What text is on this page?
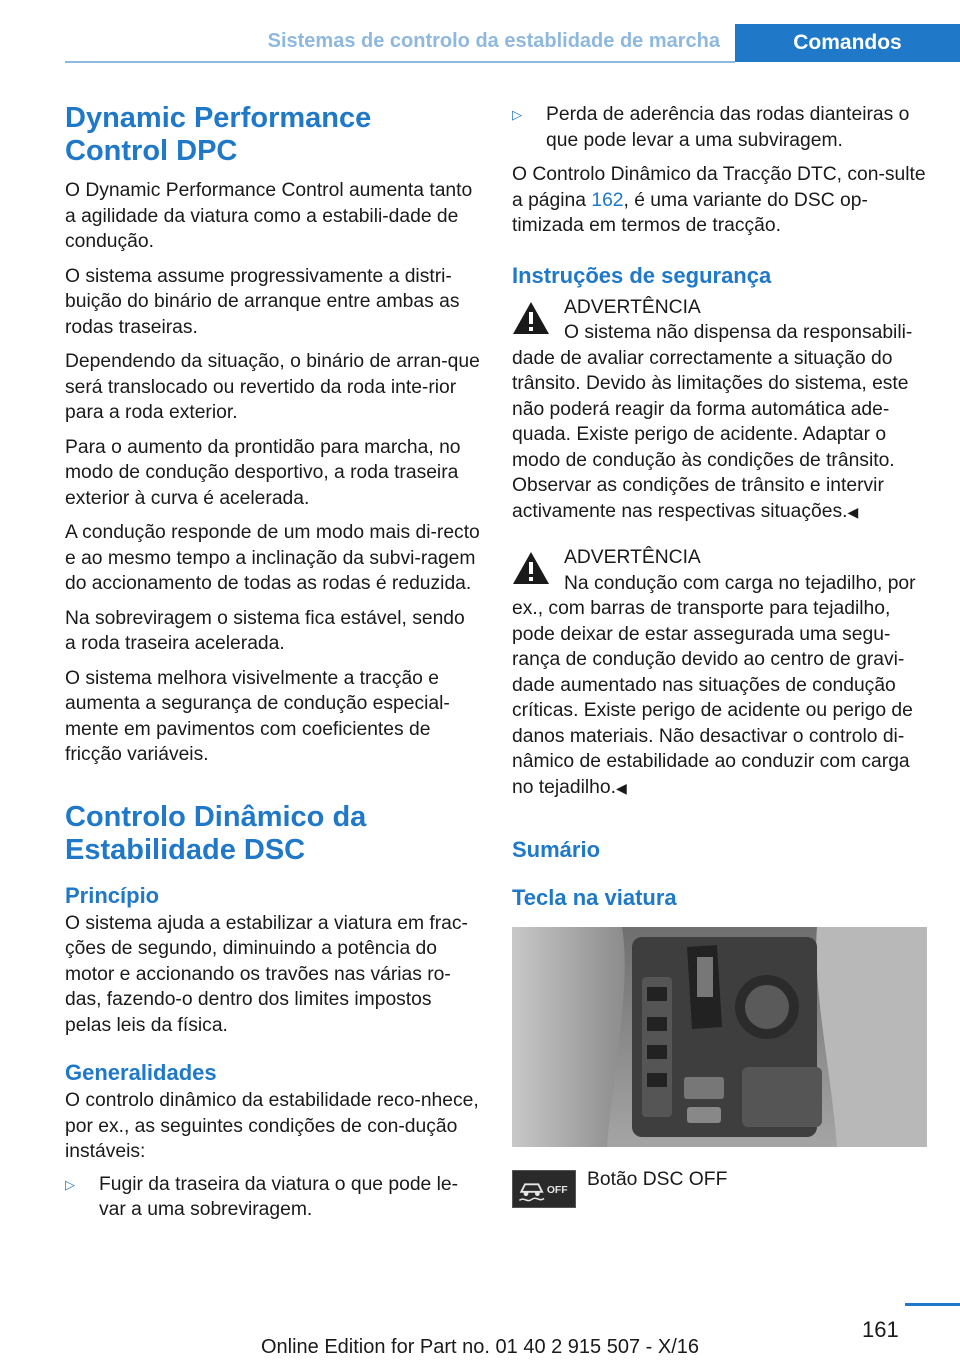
Sistemas de controlo da establidade de marcha	Comandos
Dynamic Performance Control DPC

O Dynamic Performance Control aumenta tanto a agilidade da viatura como a estabili-dade de condução.

O sistema assume progressivamente a distri-buição do binário de arranque entre ambas as rodas traseiras.

Dependendo da situação, o binário de arran-que será translocado ou revertido da roda inte-rior para a roda exterior.

Para o aumento da prontidão para marcha, no modo de condução desportivo, a roda traseira exterior à curva é acelerada.

A condução responde de um modo mais di-recto e ao mesmo tempo a inclinação da subvi-ragem do accionamento de todas as rodas é reduzida.

Na sobreviragem o sistema fica estável, sendo a roda traseira acelerada.

O sistema melhora visivelmente a tracção e aumenta a segurança de condução especial-mente em pavimentos com coeficientes de fricção variáveis.

Controlo Dinâmico da Estabilidade DSC
Princípio

O sistema ajuda a estabilizar a viatura em frac-ções de segundo, diminuindo a potência do motor e accionando os travões nas várias ro-das, fazendo-o dentro dos limites impostos pelas leis da física.

Generalidades

O controlo dinâmico da estabilidade reco-nhece, por ex., as seguintes condições de con-dução instáveis:

▷	Fugir da traseira da viatura o que pode le-var a uma sobreviragem.
▷	Perda de aderência das rodas dianteiras o que pode levar a uma subviragem.

O Controlo Dinâmico da Tracção DTC, con-sulte a página 162, é uma variante do DSC op-timizada em termos de tracção.

Instruções de segurança
ADVERTÊNCIA
O sistema não dispensa da responsabili-
dade de avaliar correctamente a situação do trânsito. Devido às limitações do sistema, este não poderá reagir da forma automática ade-quada. Existe perigo de acidente. Adaptar o modo de condução às condições de trânsito. Observar as condições de trânsito e intervir activamente nas respectivas situações.◀
ADVERTÊNCIA
Na condução com carga no tejadilho, por
ex., com barras de transporte para tejadilho, pode deixar de estar assegurada uma segu-rança de condução devido ao centro de gravi-dade aumentado nas situações de condução críticas. Existe perigo de acidente ou perigo de danos materiais. Não desactivar o controlo di-nâmico de estabilidade ao conduzir com carga no tejadilho.◀
Sumário
Tecla na viatura
OFF
Botão DSC OFF
161
Online Edition for Part no. 01 40 2 915 507 - X/16
